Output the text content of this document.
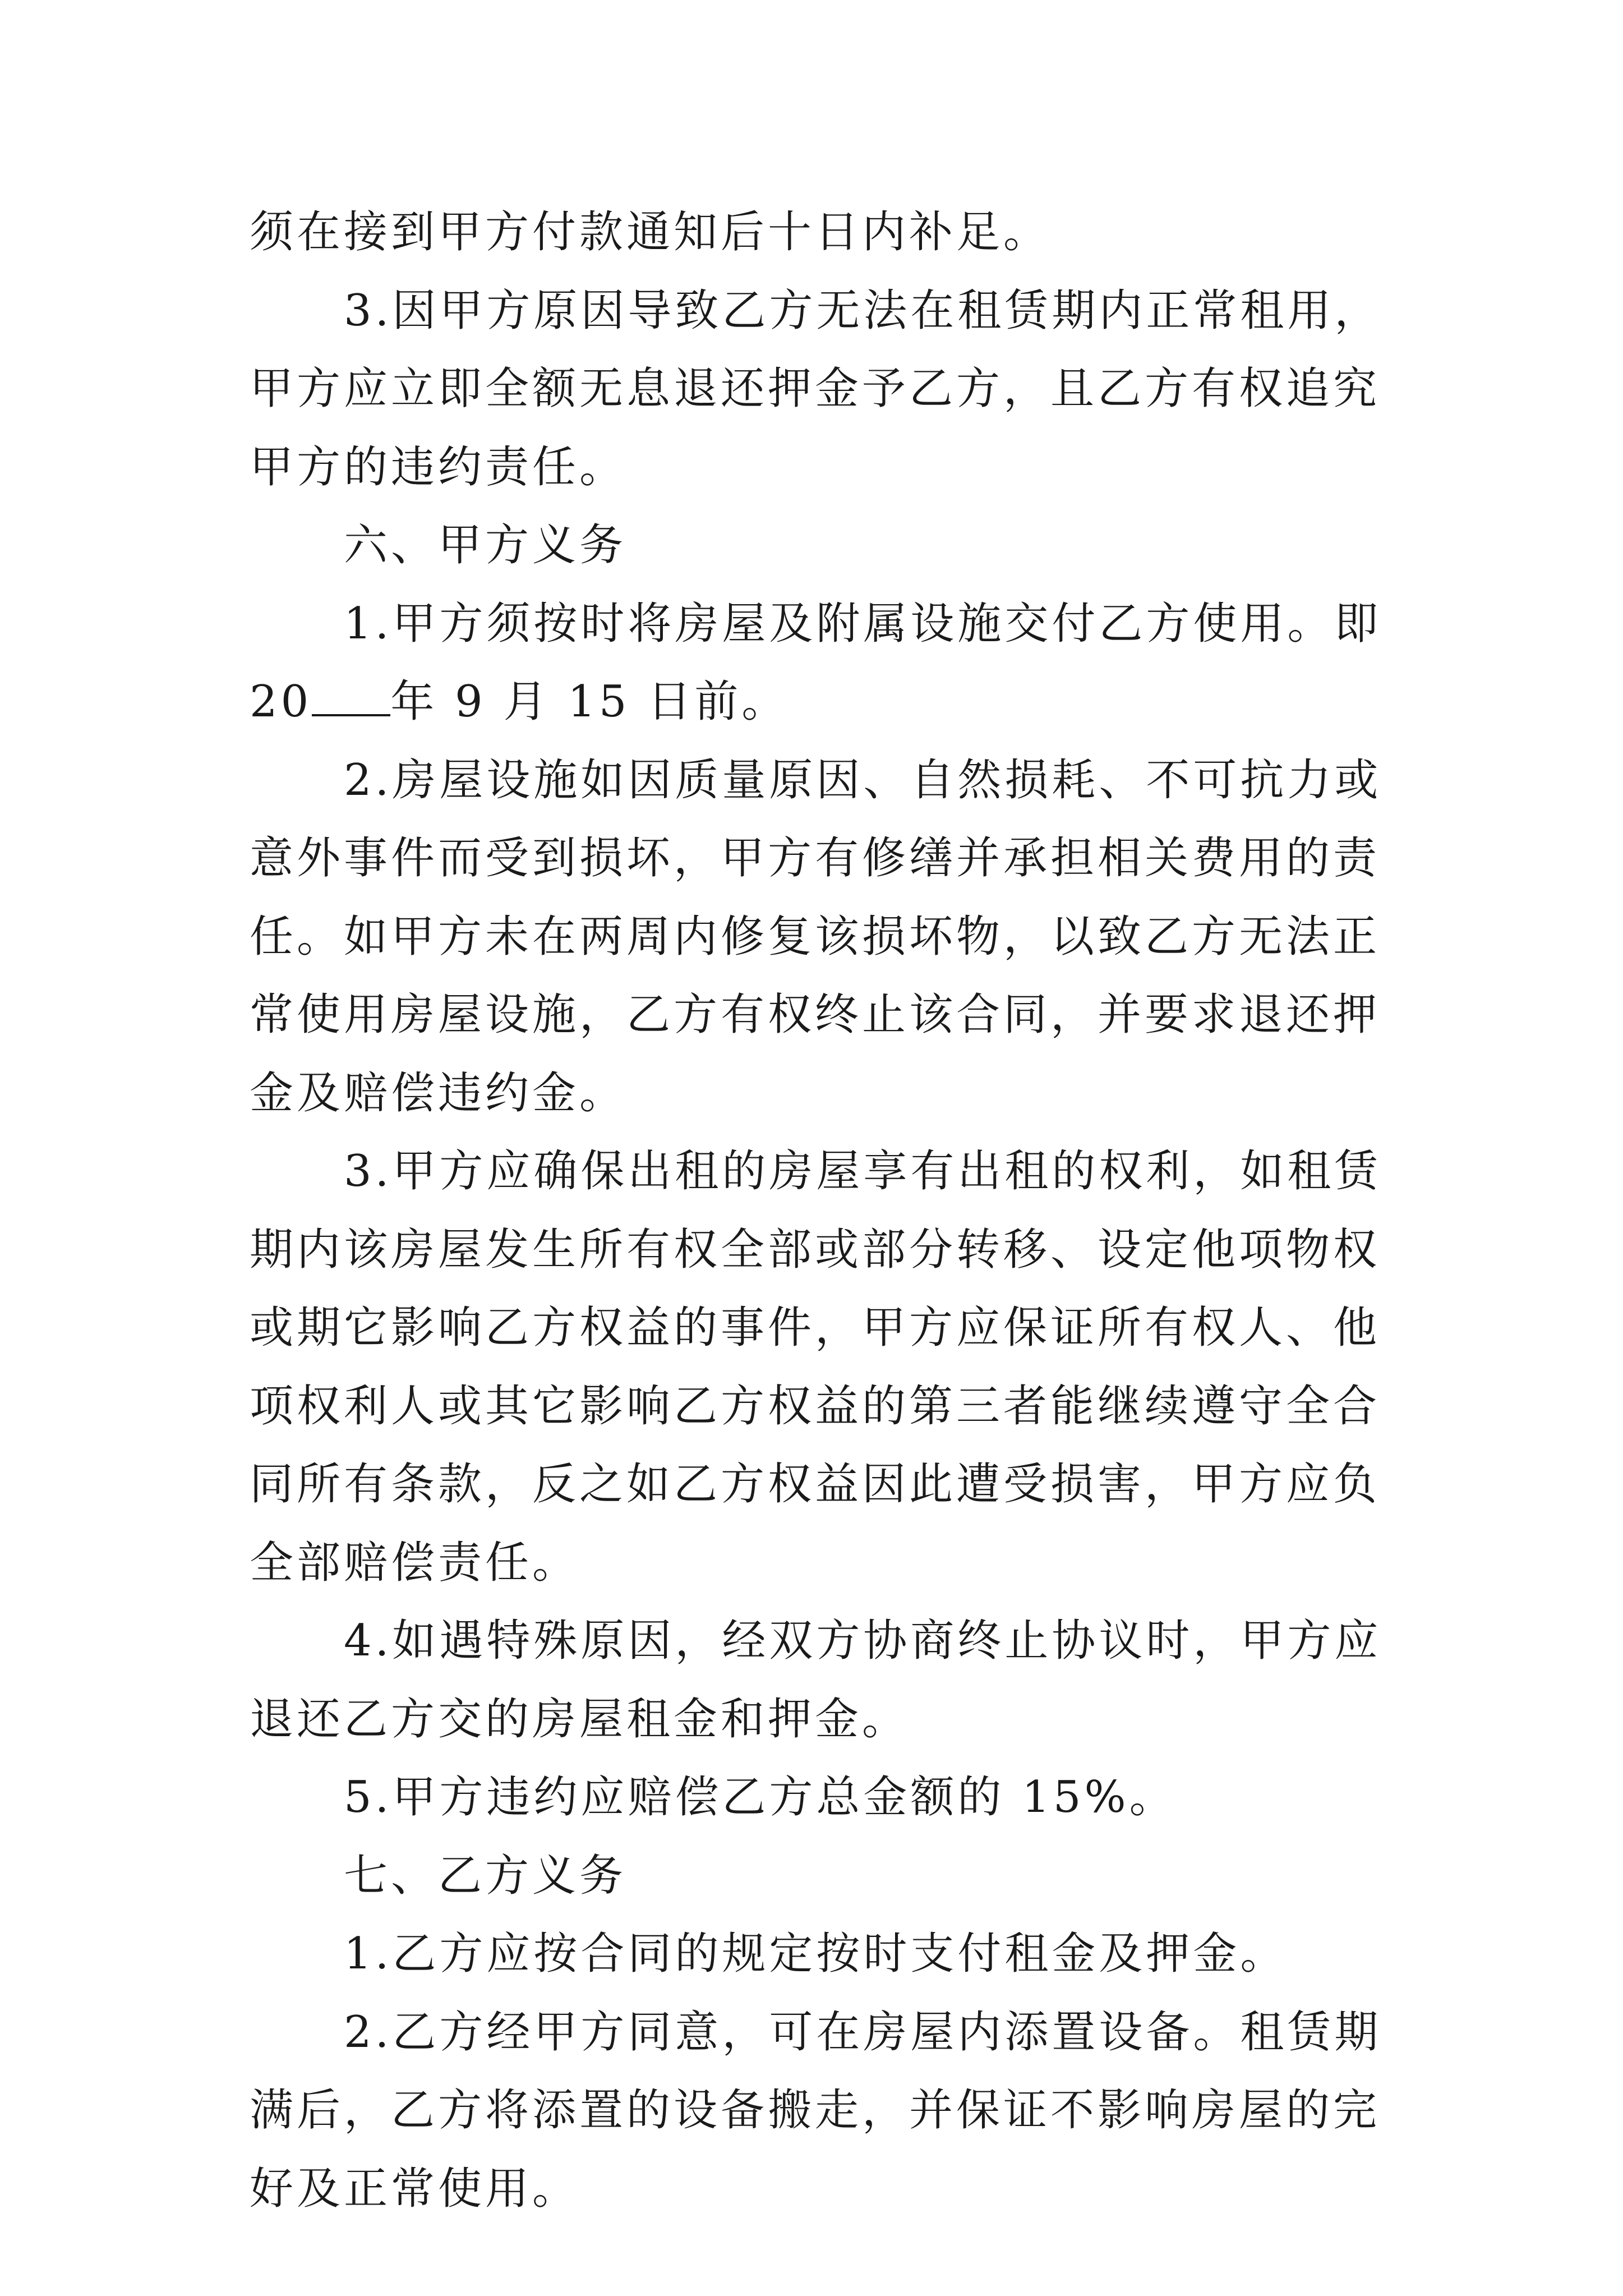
须在接到甲方付款通知后十日内补足。

3.因甲方原因导致乙方无法在租赁期内正常租用，甲方应立即全额无息退还押金予乙方，且乙方有权追究甲方的违约责任。

六、甲方义务

1.甲方须按时将房屋及附属设施交付乙方使用。即 20 年 9 月 15 日前。

2.房屋设施如因质量原因、自然损耗、不可抗力或意外事件而受到损坏，甲方有修缮并承担相关费用的责任。如甲方未在两周内修复该损坏物，以致乙方无法正常使用房屋设施，乙方有权终止该合同，并要求退还押金及赔偿违约金。

3.甲方应确保出租的房屋享有出租的权利，如租赁期内该房屋发生所有权全部或部分转移、设定他项物权或期它影响乙方权益的事件，甲方应保证所有权人、他项权利人或其它影响乙方权益的第三者能继续遵守全合同所有条款，反之如乙方权益因此遭受损害，甲方应负全部赔偿责任。

4.如遇特殊原因，经双方协商终止协议时，甲方应退还乙方交的房屋租金和押金。

5.甲方违约应赔偿乙方总金额的 15%。

七、乙方义务

1.乙方应按合同的规定按时支付租金及押金。

2.乙方经甲方同意，可在房屋内添置设备。租赁期满后，乙方将添置的设备搬走，并保证不影响房屋的完好及正常使用。
